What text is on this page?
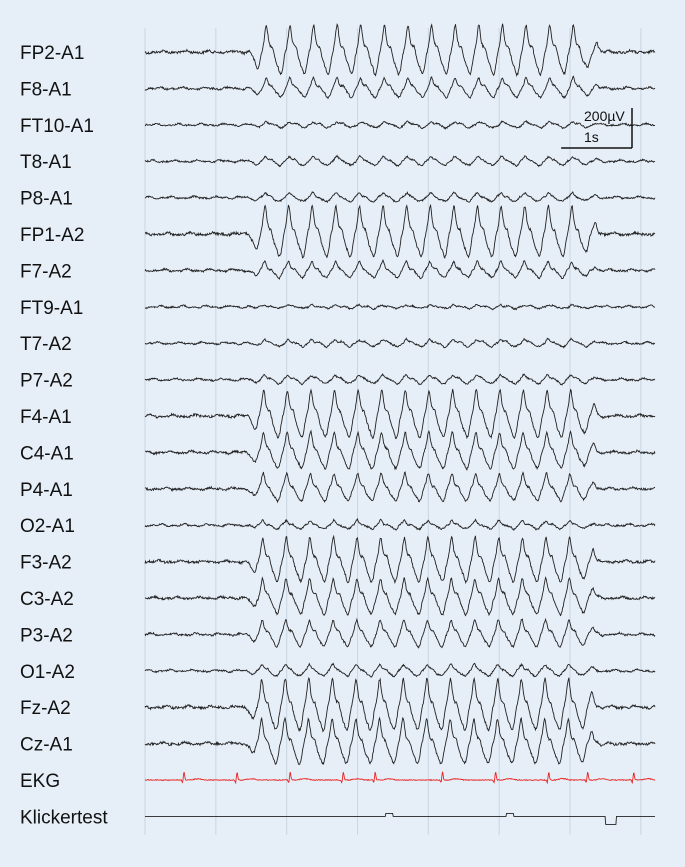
FP2-A1
F8-A1
FT10-A1
T8-A1
P8-A1
FP1-A2
F7-A2
FT9-A1
T7-A2
P7-A2
F4-A1
C4-A1
P4-A1
O2-A1
F3-A2
C3-A2
P3-A2
O1-A2
Fz-A2
Cz-A1
EKG
Klickertest
200µV
1s
